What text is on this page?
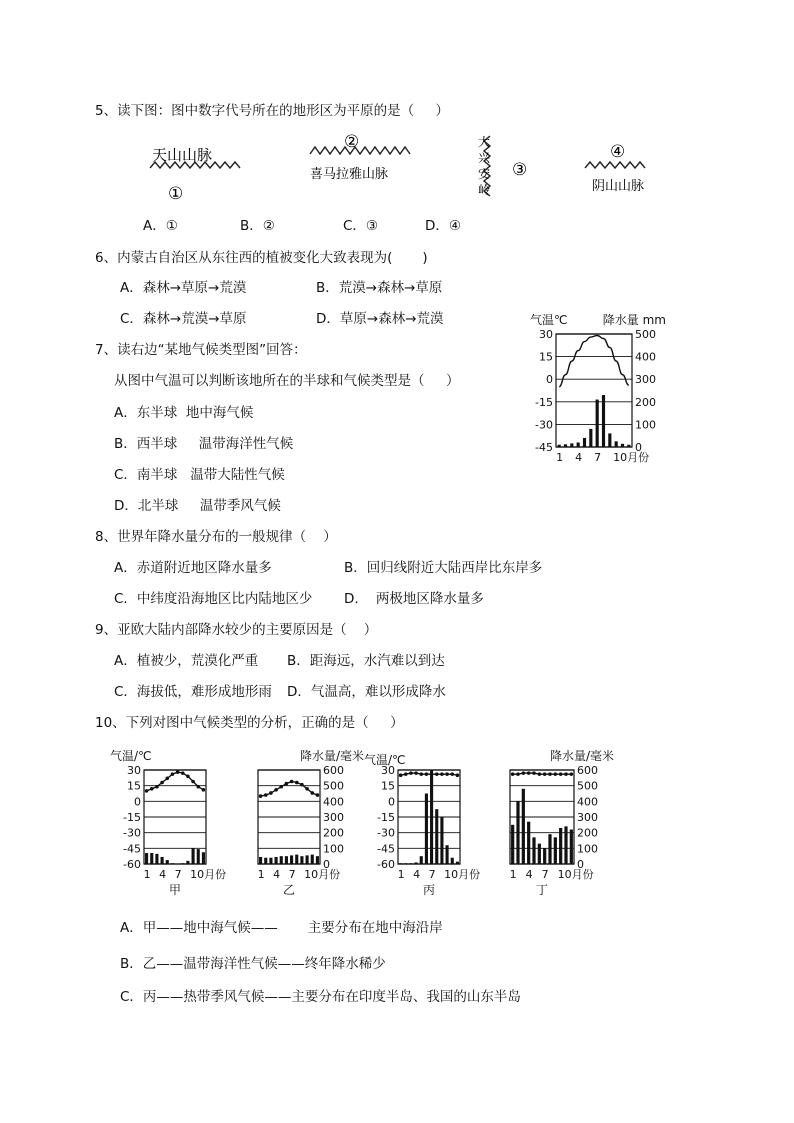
5、读下图：图中数字代号所在的地形区为平原的是（     ）
天山山脉
①
②
喜马拉雅山脉
大
兴
安
岭
③
④
阴山山脉
A．①	B．②	C．③	D．④
6、内蒙古自治区从东往西的植被变化大致表现为(       )
A．森林→草原→荒漠	B．荒漠→森林→草原
C．森林→荒漠→草原	D．草原→森林→荒漠
7、读右边“某地气候类型图”回答：
从图中气温可以判断该地所在的半球和气候类型是（     ）
A．东半球  地中海气候
B．西半球     温带海洋性气候
C．南半球   温带大陆性气候
D．北半球     温带季风气候
30
15
0
-15
-30
-45
500
400
300
200
100
0
1 4 7 10月份
气温℃	降水量 mm
8、世界年降水量分布的一般规律（    ）
A．赤道附近地区降水量多	B．回归线附近大陆西岸比东岸多
C．中纬度沿海地区比内陆地区少 D.    两极地区降水量多
9、亚欧大陆内部降水较少的主要原因是（    ）
A．植被少，荒漠化严重 B．距海远，水汽难以到达
C．海拔低，难形成地形雨 D．气温高，难以形成降水
10、下列对图中气候类型的分析，正确的是（     ）
30
15
0
-15
-30
-45
-60
1 4 7 10月份
气温/℃
甲
600
500
400
300
200
100
0
1 4 7 10月份
降水量/毫米
乙
30
15
0
-15
-30
-45
-60
1 4 7 10月份
气温/℃
丙
600
500
400
300
200
100
0
1 4 7 10月份
降水量/毫米
丁
A．甲——地中海气候——       主要分布在地中海沿岸
B．乙——温带海洋性气候——终年降水稀少
C．丙——热带季风气候——主要分布在印度半岛、我国的山东半岛
